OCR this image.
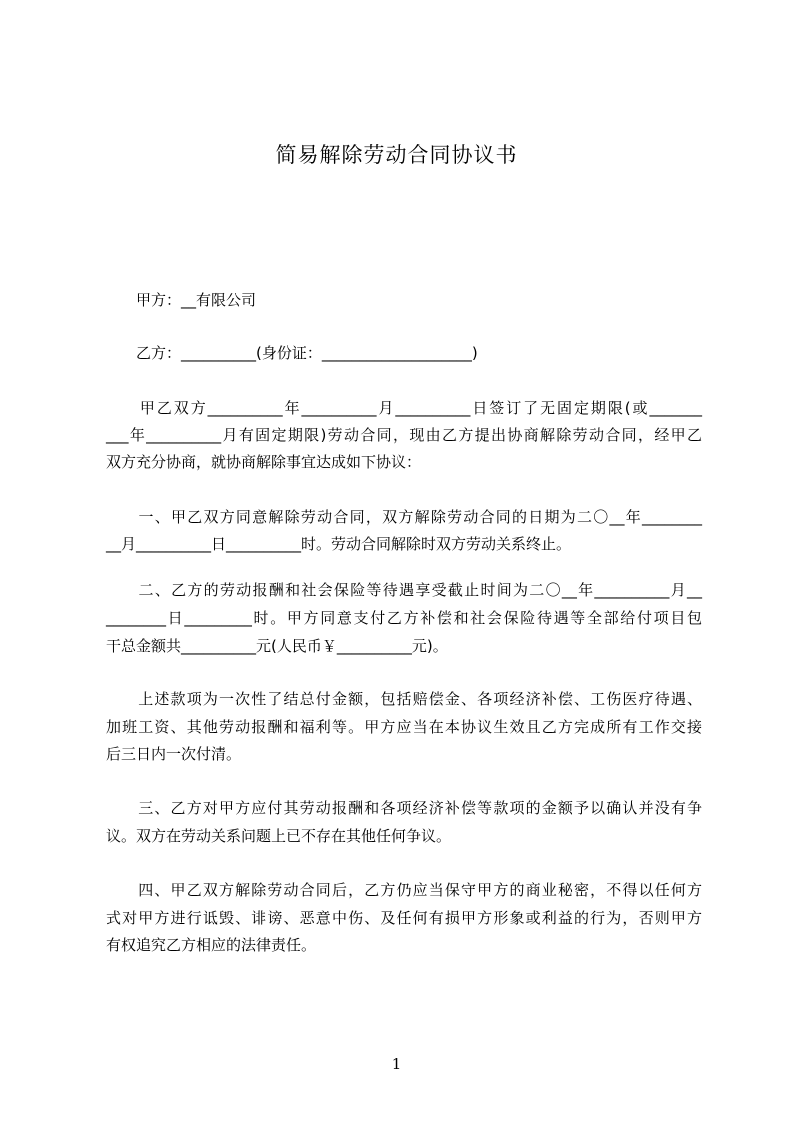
简易解除劳动合同协议书
　　甲方：__有限公司
　　乙方：__________(身份证：____________________)
　　甲乙双方__________年__________月__________日签订了无固定期限(或_______
___年__________月有固定期限)劳动合同，现由乙方提出协商解除劳动合同，经甲乙
双方充分协商，就协商解除事宜达成如下协议：
　　一、甲乙双方同意解除劳动合同，双方解除劳动合同的日期为二〇__年________
__月__________日__________时。劳动合同解除时双方劳动关系终止。
　　二、乙方的劳动报酬和社会保险等待遇享受截止时间为二〇__年__________月__
________日_________时。甲方同意支付乙方补偿和社会保险待遇等全部给付项目包
干总金额共__________元(人民币￥__________元)。
　　上述款项为一次性了结总付金额，包括赔偿金、各项经济补偿、工伤医疗待遇、
加班工资、其他劳动报酬和福利等。甲方应当在本协议生效且乙方完成所有工作交接
后三日内一次付清。
　　三、乙方对甲方应付其劳动报酬和各项经济补偿等款项的金额予以确认并没有争
议。双方在劳动关系问题上已不存在其他任何争议。
　　四、甲乙双方解除劳动合同后，乙方仍应当保守甲方的商业秘密，不得以任何方
式对甲方进行诋毁、诽谤、恶意中伤、及任何有损甲方形象或利益的行为，否则甲方
有权追究乙方相应的法律责任。
1
